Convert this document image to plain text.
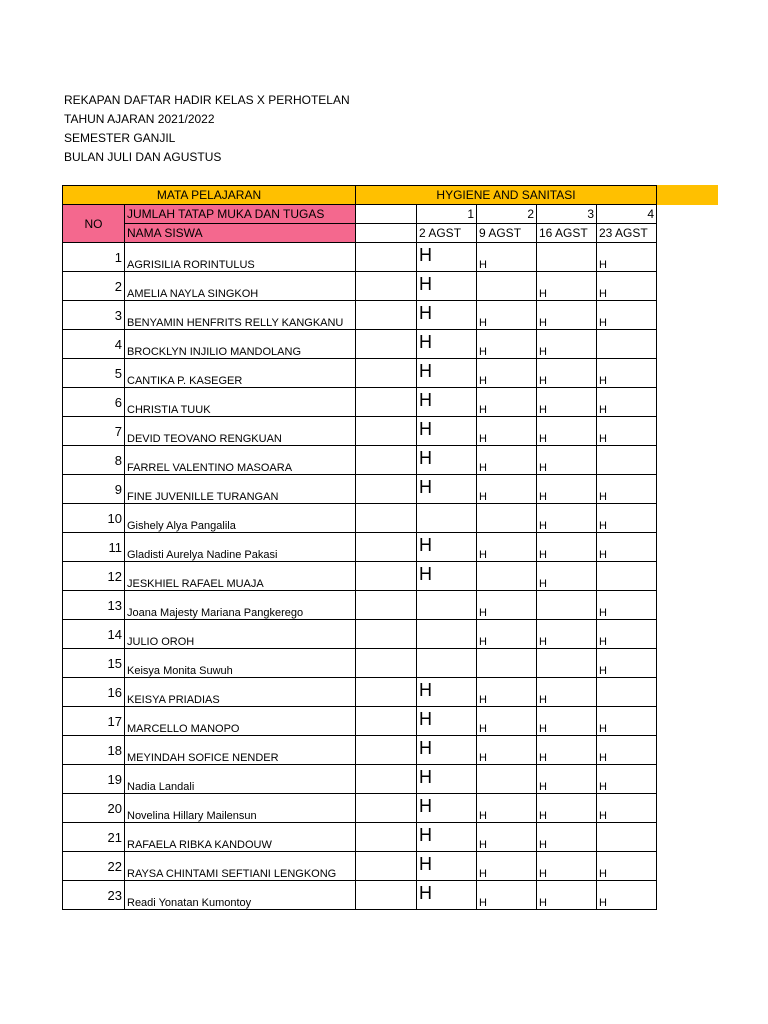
REKAPAN DAFTAR HADIR KELAS X PERHOTELAN
TAHUN AJARAN 2021/2022
SEMESTER GANJIL
BULAN JULI DAN AGUSTUS
MATA PELAJARAN		HYGIENE AND SANITASI				
NO	JUMLAH TATAP MUKA DAN TUGAS		1	2	3	4
	NAMA SISWA		2 AGST	9 AGST	16 AGST	23 AGST
1	AGRISILIA RORINTULUS		H	H		H
2	AMELIA NAYLA SINGKOH		H		H	H
3	BENYAMIN HENFRITS RELLY KANGKANU		H	H	H	H
4	BROCKLYN INJILIO MANDOLANG		H	H	H	
5	CANTIKA P. KASEGER		H	H	H	H
6	CHRISTIA TUUK		H	H	H	H
7	DEVID TEOVANO RENGKUAN		H	H	H	H
8	FARREL VALENTINO MASOARA		H	H	H	
9	FINE JUVENILLE TURANGAN		H	H	H	H
10	Gishely Alya Pangalila				H	H
11	Gladisti Aurelya Nadine Pakasi		H	H	H	H
12	JESKHIEL RAFAEL MUAJA		H		H	
13	Joana Majesty Mariana Pangkerego			H		H
14	JULIO OROH			H	H	H
15	Keisya Monita Suwuh					H
16	KEISYA PRIADIAS		H	H	H	
17	MARCELLO MANOPO		H	H	H	H
18	MEYINDAH SOFICE NENDER		H	H	H	H
19	Nadia Landali		H		H	H
20	Novelina Hillary Mailensun		H	H	H	H
21	RAFAELA RIBKA KANDOUW		H	H	H	
22	RAYSA CHINTAMI SEFTIANI LENGKONG		H	H	H	H
23	Readi Yonatan Kumontoy		H	H	H	H
